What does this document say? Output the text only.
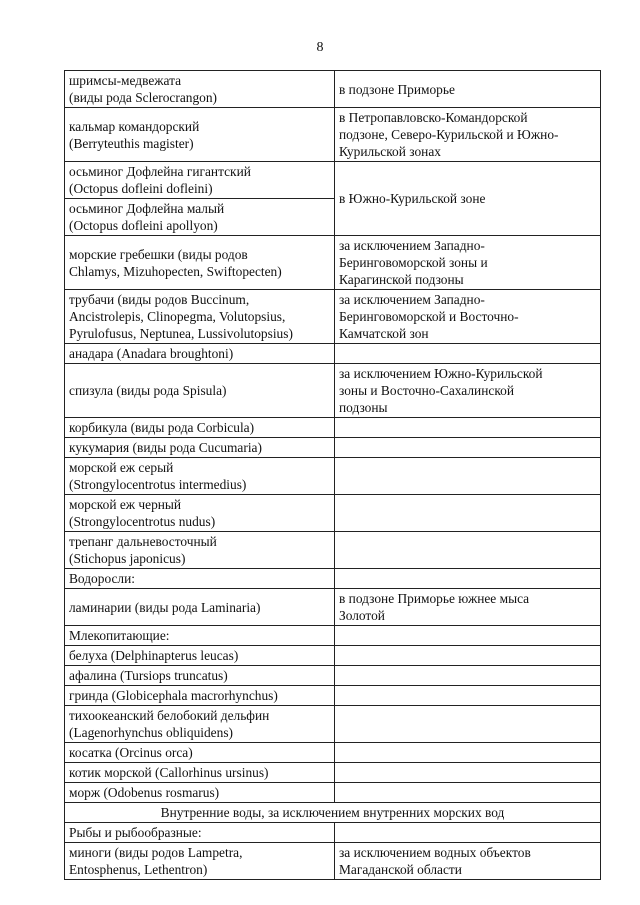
8
шримсы-медвежата
(виды рода Sclerocrangon)	в подзоне Приморье

кальмар командорский
(Berryteuthis magister)	в Петропавловско-Командорской
подзоне, Северо-Курильской и Южно-
Курильской зонах

осьминог Дофлейна гигантский
(Octopus dofleini dofleini)	в Южно-Курильской зоне

осьминог Дофлейна малый
(Octopus dofleini apollyon)	

морские гребешки (виды родов
Chlamys, Mizuhopecten, Swiftopecten)	за исключением Западно-
Беринговоморской зоны и
Карагинской подзоны

трубачи (виды родов Buccinum,
Ancistrolepis, Clinopegma, Volutopsius,
Pyrulofusus, Neptunea, Lussivolutopsius)	за исключением Западно-
Беринговоморской и Восточно-
Камчатской зон

анадара (Anadara broughtoni)	

спизула (виды рода Spisula)	за исключением Южно-Курильской
зоны и Восточно-Сахалинской
подзоны

корбикула (виды рода Corbicula)	

кукумария (виды рода Cucumaria)	

морской еж серый
(Strongylocentrotus intermedius)	

морской еж черный
(Strongylocentrotus nudus)	

трепанг дальневосточный
(Stichopus japonicus)	

Водоросли:	

ламинарии (виды рода Laminaria)	в подзоне Приморье южнее мыса
Золотой

Млекопитающие:	

белуха (Delphinapterus leucas)	

афалина (Tursiops truncatus)	

гринда (Globicephala macrorhynchus)	

тихоокеанский белобокий дельфин
(Lagenorhynchus obliquidens)	

косатка (Orcinus orca)	

котик морской (Callorhinus ursinus)	

морж (Odobenus rosmarus)	

Внутренние воды, за исключением внутренних морских вод	
Рыбы и рыбообразные:	

миноги (виды родов Lampetra,
Entosphenus, Lethentron)	за исключением водных объектов
Магаданской области
